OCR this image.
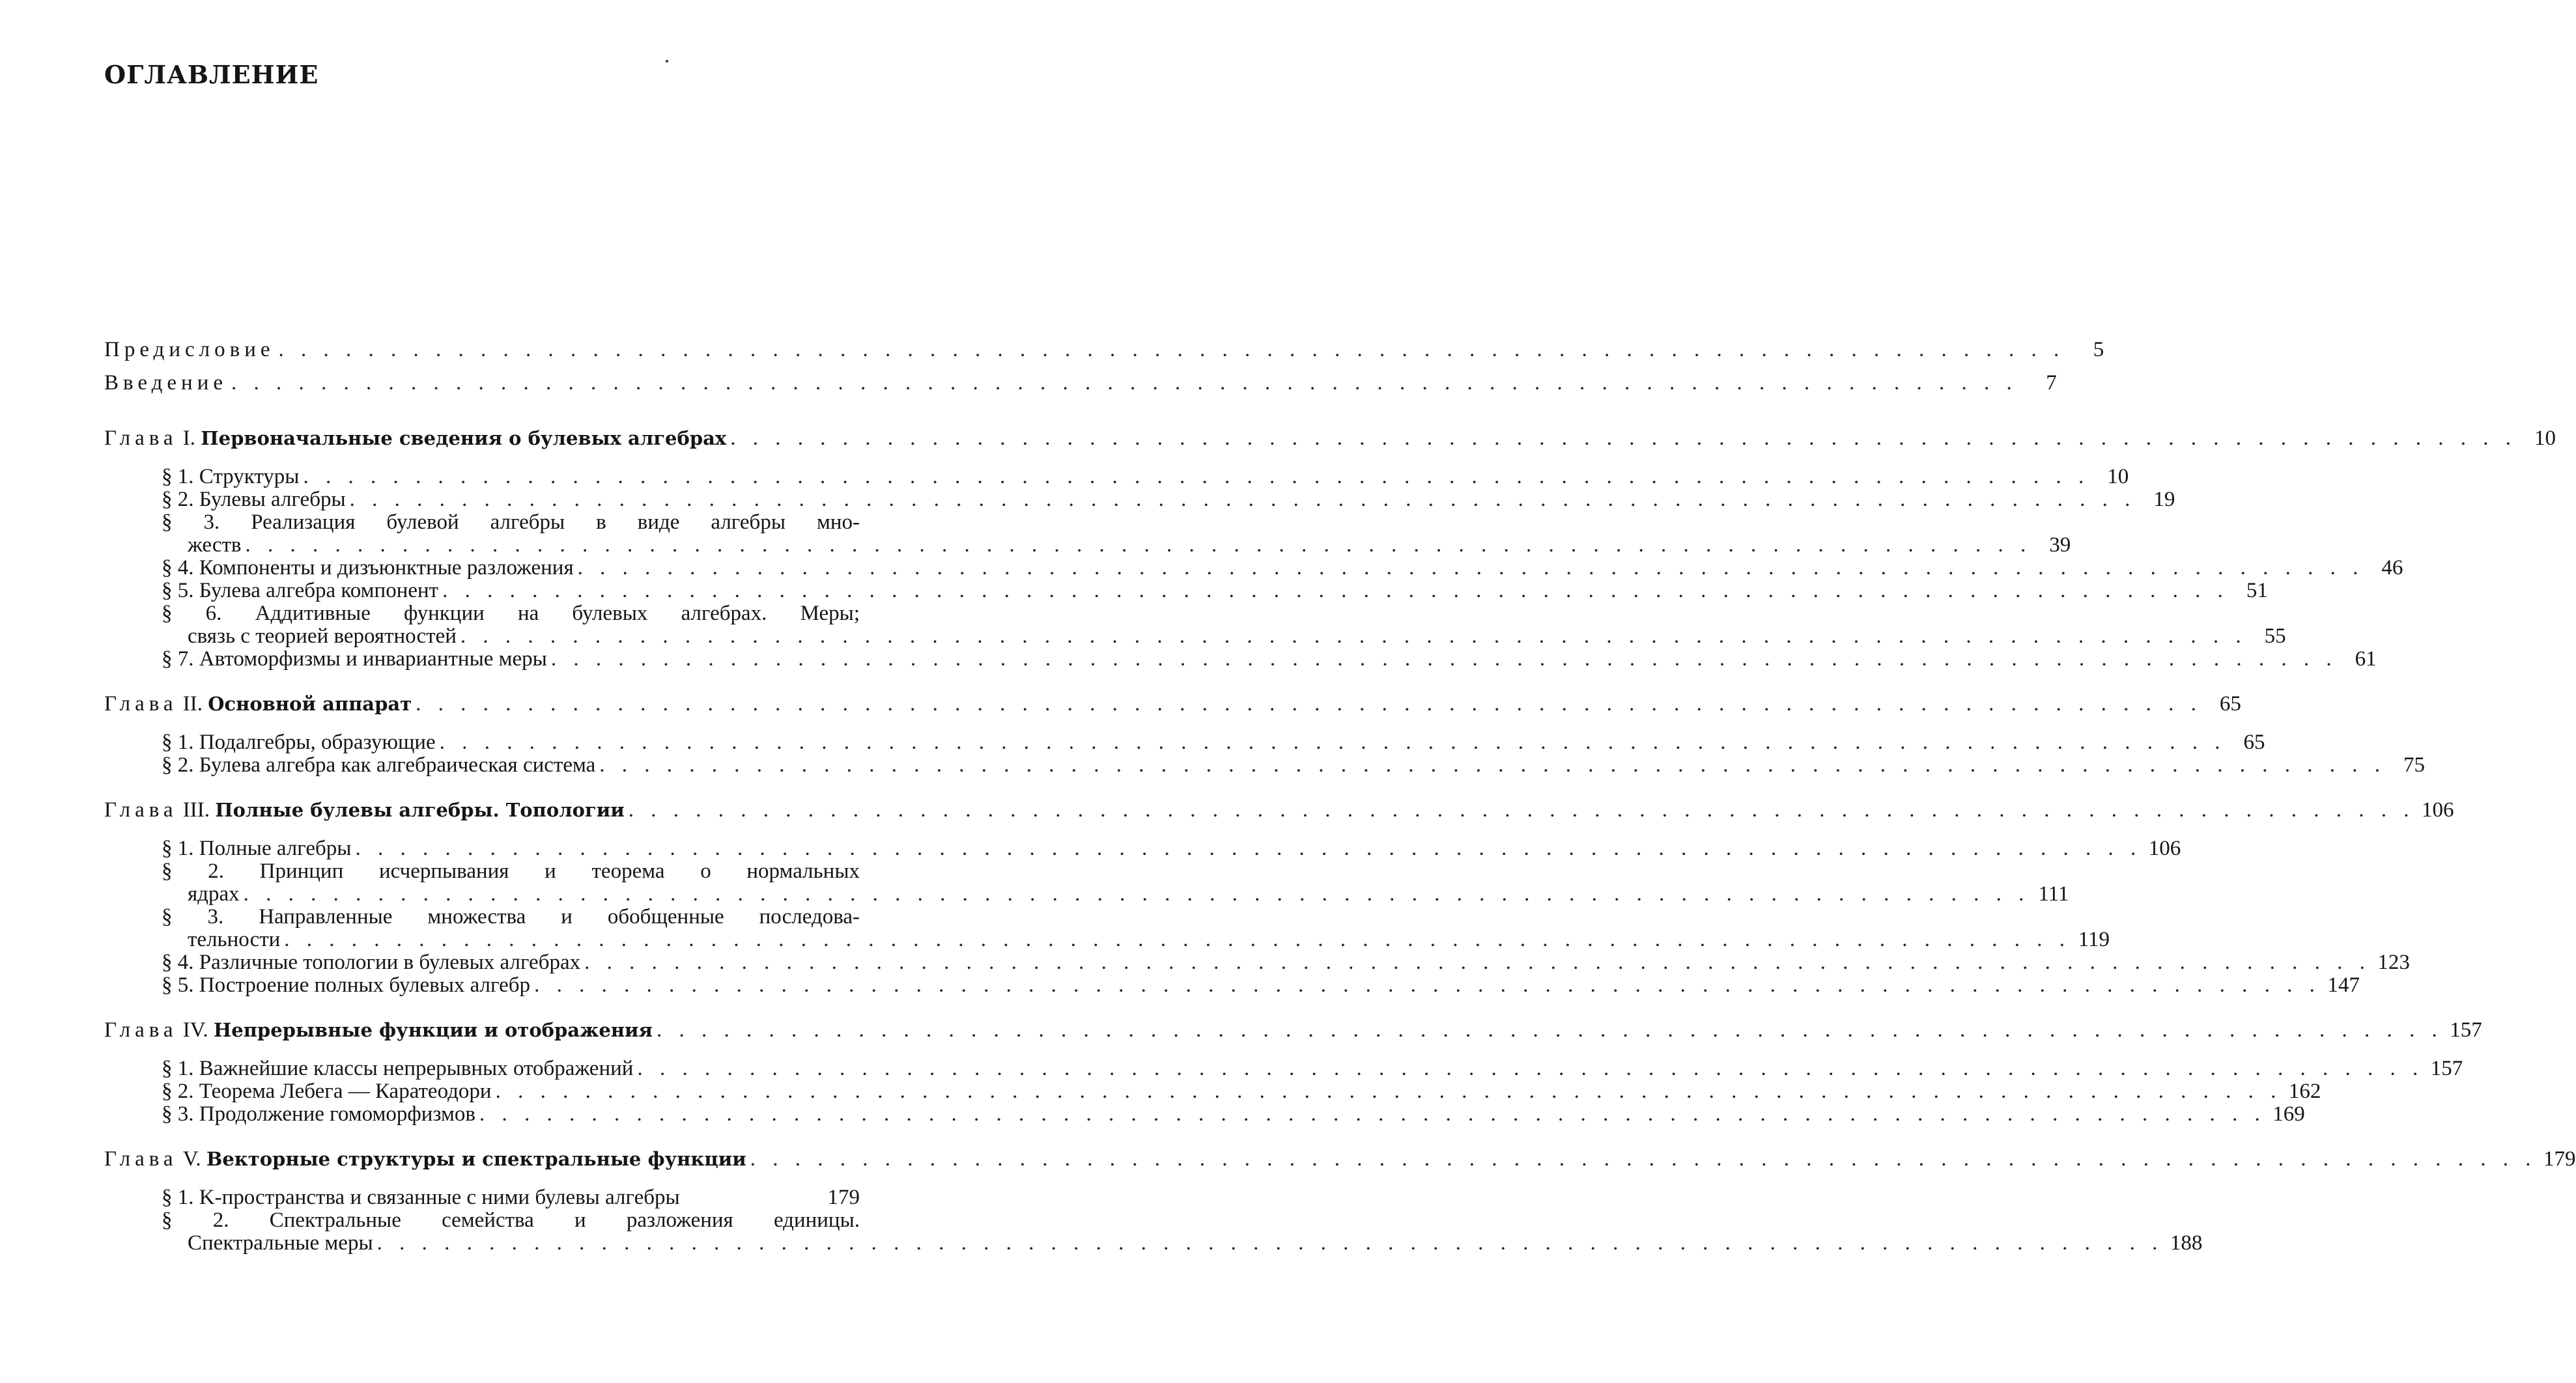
ОГЛАВЛЕНИЕ
Предисловие . . . . . . . . . . . . . . . . . . . . . . . . . . . . . . . . . . . . . . . . . . . . . . . . . . . . . . . . . . . . . . . . . . . . . . . . . . . . . . . .	5
Введение . . . . . . . . . . . . . . . . . . . . . . . . . . . . . . . . . . . . . . . . . . . . . . . . . . . . . . . . . . . . . . . . . . . . . . . . . . . . . . . .	7
Глава I. Первоначальные сведения о булевых алгебрах . . . . . . . . . . . . . . . . . . . . . . . . . . . . . . . . . . . . . . . . . . . . . . . . . . . . . . . . . . . . . . . . . . . . . . . . . . . . . . . . 10
§ 1. Структуры . . . . . . . . . . . . . . . . . . . . . . . . . . . . . . . . . . . . . . . . . . . . . . . . . . . . . . . . . . . . . . . . . . . . . . . . . . . . . . . . 10
§ 2. Булевы алгебры . . . . . . . . . . . . . . . . . . . . . . . . . . . . . . . . . . . . . . . . . . . . . . . . . . . . . . . . . . . . . . . . . . . . . . . . . . . . . . . . 19
§ 3. Реализация булевой алгебры в виде алгебры мно-
жеств . . . . . . . . . . . . . . . . . . . . . . . . . . . . . . . . . . . . . . . . . . . . . . . . . . . . . . . . . . . . . . . . . . . . . . . . . . . . . . . . 39
§ 4. Компоненты и дизъюнктные разложения . . . . . . . . . . . . . . . . . . . . . . . . . . . . . . . . . . . . . . . . . . . . . . . . . . . . . . . . . . . . . . . . . . . . . . . . . . . . . . . . 46
§ 5. Булева алгебра компонент . . . . . . . . . . . . . . . . . . . . . . . . . . . . . . . . . . . . . . . . . . . . . . . . . . . . . . . . . . . . . . . . . . . . . . . . . . . . . . . . 51
§ 6. Аддитивные функции на булевых алгебрах. Меры;
связь с теорией вероятностей . . . . . . . . . . . . . . . . . . . . . . . . . . . . . . . . . . . . . . . . . . . . . . . . . . . . . . . . . . . . . . . . . . . . . . . . . . . . . . . . 55
§ 7. Автоморфизмы и инвариантные меры . . . . . . . . . . . . . . . . . . . . . . . . . . . . . . . . . . . . . . . . . . . . . . . . . . . . . . . . . . . . . . . . . . . . . . . . . . . . . . . . 61
Глава II. Основной аппарат . . . . . . . . . . . . . . . . . . . . . . . . . . . . . . . . . . . . . . . . . . . . . . . . . . . . . . . . . . . . . . . . . . . . . . . . . . . . . . . . 65
§ 1. Подалгебры, образующие . . . . . . . . . . . . . . . . . . . . . . . . . . . . . . . . . . . . . . . . . . . . . . . . . . . . . . . . . . . . . . . . . . . . . . . . . . . . . . . . 65
§ 2. Булева алгебра как алгебраическая система . . . . . . . . . . . . . . . . . . . . . . . . . . . . . . . . . . . . . . . . . . . . . . . . . . . . . . . . . . . . . . . . . . . . . . . . . . . . . . . . 75
Глава III. Полные булевы алгебры. Топологии . . . . . . . . . . . . . . . . . . . . . . . . . . . . . . . . . . . . . . . . . . . . . . . . . . . . . . . . . . . . . . . . . . . . . . . . . . . . . . . . 106
§ 1. Полные алгебры . . . . . . . . . . . . . . . . . . . . . . . . . . . . . . . . . . . . . . . . . . . . . . . . . . . . . . . . . . . . . . . . . . . . . . . . . . . . . . . . 106
§ 2. Принцип исчерпывания и теорема о нормальных
ядрах . . . . . . . . . . . . . . . . . . . . . . . . . . . . . . . . . . . . . . . . . . . . . . . . . . . . . . . . . . . . . . . . . . . . . . . . . . . . . . . . 111
§ 3. Направленные множества и обобщенные последова-
тельности . . . . . . . . . . . . . . . . . . . . . . . . . . . . . . . . . . . . . . . . . . . . . . . . . . . . . . . . . . . . . . . . . . . . . . . . . . . . . . . . 119
§ 4. Различные топологии в булевых алгебрах . . . . . . . . . . . . . . . . . . . . . . . . . . . . . . . . . . . . . . . . . . . . . . . . . . . . . . . . . . . . . . . . . . . . . . . . . . . . . . . . 123
§ 5. Построение полных булевых алгебр . . . . . . . . . . . . . . . . . . . . . . . . . . . . . . . . . . . . . . . . . . . . . . . . . . . . . . . . . . . . . . . . . . . . . . . . . . . . . . . . 147
Глава IV. Непрерывные функции и отображения . . . . . . . . . . . . . . . . . . . . . . . . . . . . . . . . . . . . . . . . . . . . . . . . . . . . . . . . . . . . . . . . . . . . . . . . . . . . . . . . 157
§ 1. Важнейшие классы непрерывных отображений . . . . . . . . . . . . . . . . . . . . . . . . . . . . . . . . . . . . . . . . . . . . . . . . . . . . . . . . . . . . . . . . . . . . . . . . . . . . . . . . 157
§ 2. Теорема Лебега — Каратеодори . . . . . . . . . . . . . . . . . . . . . . . . . . . . . . . . . . . . . . . . . . . . . . . . . . . . . . . . . . . . . . . . . . . . . . . . . . . . . . . . 162
§ 3. Продолжение гомоморфизмов . . . . . . . . . . . . . . . . . . . . . . . . . . . . . . . . . . . . . . . . . . . . . . . . . . . . . . . . . . . . . . . . . . . . . . . . . . . . . . . . 169
Глава V. Векторные структуры и спектральные функции . . . . . . . . . . . . . . . . . . . . . . . . . . . . . . . . . . . . . . . . . . . . . . . . . . . . . . . . . . . . . . . . . . . . . . . . . . . . . . . . 179
§ 1. K-пространства и связанные с ними булевы алгебры	179
§ 2. Спектральные семейства и разложения единицы.
Спектральные меры . . . . . . . . . . . . . . . . . . . . . . . . . . . . . . . . . . . . . . . . . . . . . . . . . . . . . . . . . . . . . . . . . . . . . . . . . . . . . . . . 188
